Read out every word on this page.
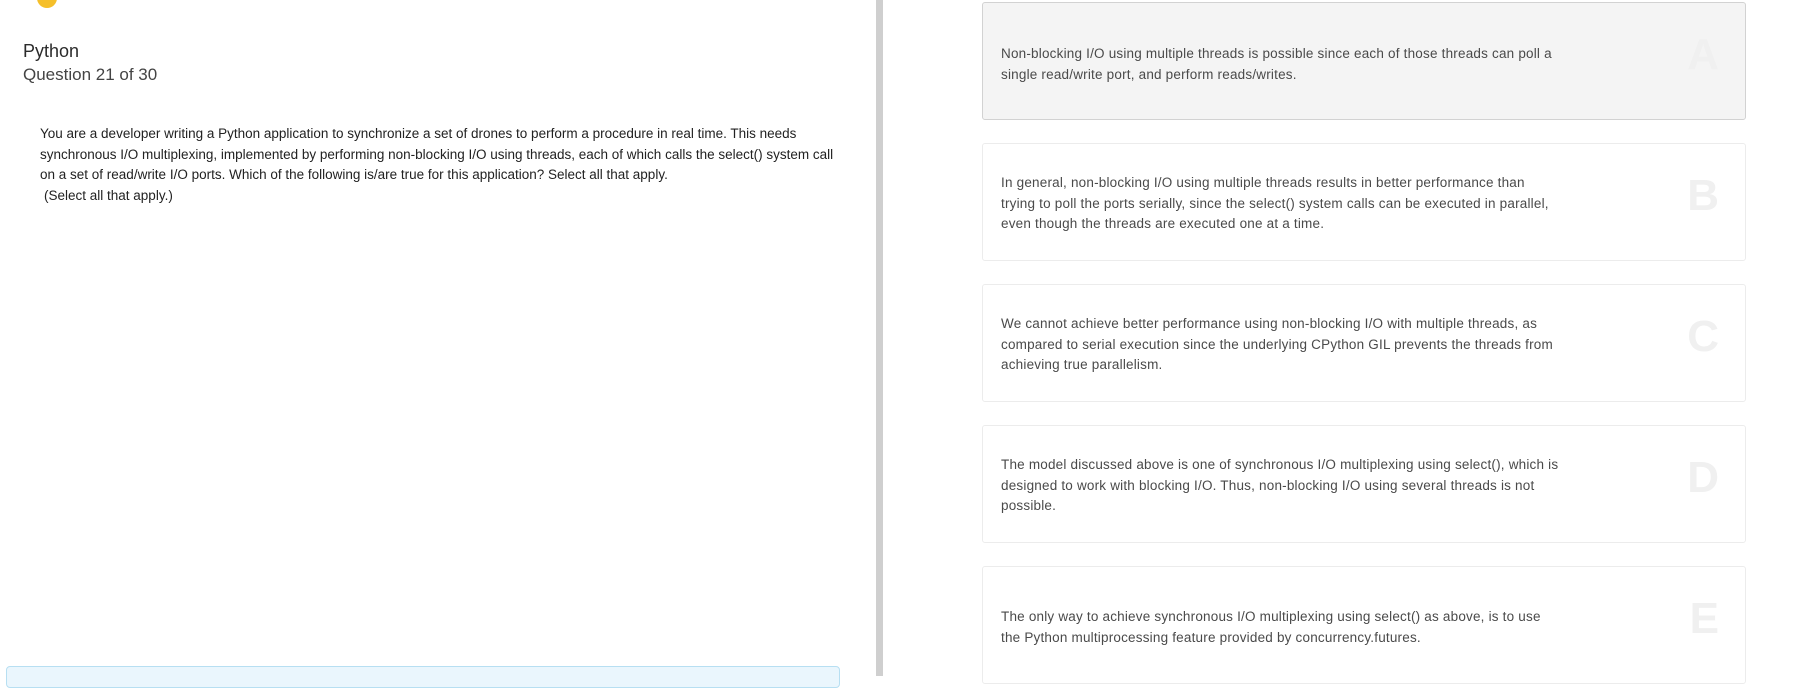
Python
Question 21 of 30
You are a developer writing a Python application to synchronize a set of drones to perform a procedure in real time. This needs synchronous I/O multiplexing, implemented by performing non-blocking I/O using threads, each of which calls the select() system call on a set of read/write I/O ports. Which of the following is/are true for this application? Select all that apply.
(Select all that apply.)
Non-blocking I/O using multiple threads is possible since each of those threads can poll a single read/write port, and perform reads/writes.	A
In general, non-blocking I/O using multiple threads results in better performance than trying to poll the ports serially, since the select() system calls can be executed in parallel, even though the threads are executed one at a time.
B
We cannot achieve better performance using non-blocking I/O with multiple threads, as compared to serial execution since the underlying CPython GIL prevents the threads from achieving true parallelism.
C
The model discussed above is one of synchronous I/O multiplexing using select(), which is designed to work with blocking I/O. Thus, non-blocking I/O using several threads is not possible.
D
The only way to achieve synchronous I/O multiplexing using select() as above, is to use the Python multiprocessing feature provided by concurrency.futures.	E
